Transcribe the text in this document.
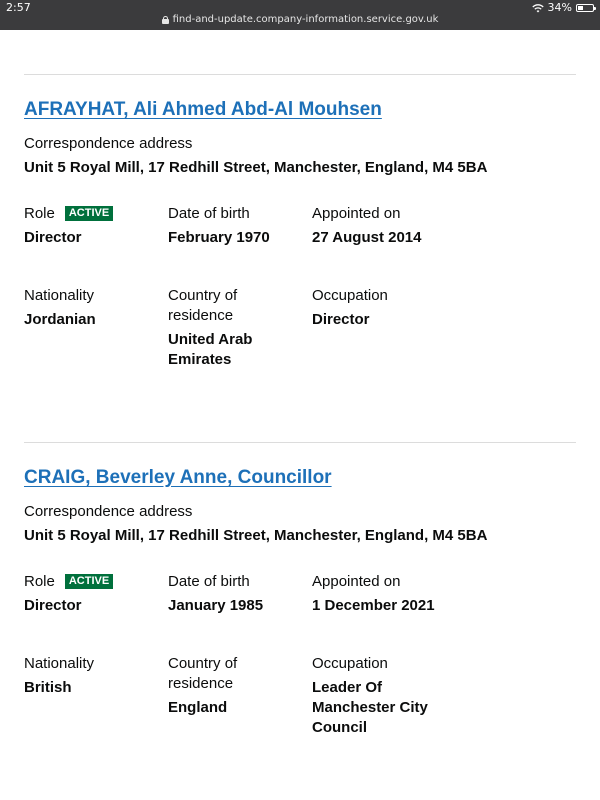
2:57	34%
find-and-update.company-information.service.gov.uk
AFRAYHAT, Ali Ahmed Abd-Al Mouhsen
Correspondence address
Unit 5 Royal Mill, 17 Redhill Street, Manchester, England, M4 5BA
Role ACTIVE
Director
Date of birth
February 1970
Appointed on
27 August 2014
Nationality
Jordanian
Country of residence
United Arab Emirates
Occupation
Director
CRAIG, Beverley Anne, Councillor
Correspondence address
Unit 5 Royal Mill, 17 Redhill Street, Manchester, England, M4 5BA
Role ACTIVE
Director
Date of birth
January 1985
Appointed on
1 December 2021
Nationality
British
Country of residence
England
Occupation
Leader Of Manchester City Council
